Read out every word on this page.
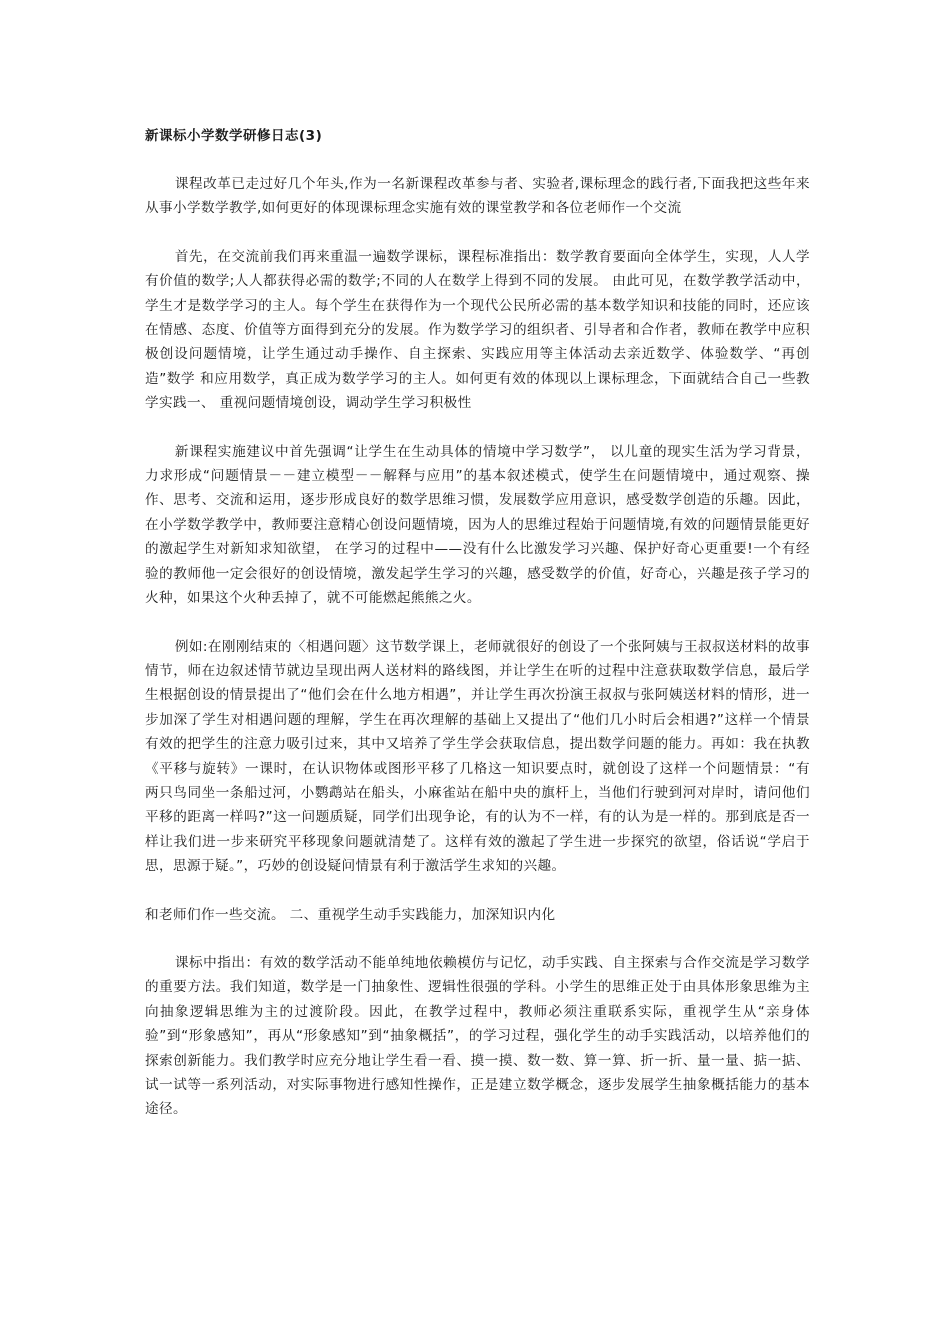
新课标小学数学研修日志(3)

课程改革已走过好几个年头,作为一名新课程改革参与者、实验者,课标理念的践行者,下面我把这些年来从事小学数学教学,如何更好的体现课标理念实施有效的课堂教学和各位老师作一个交流

首先，在交流前我们再来重温一遍数学课标，课程标准指出：数学教育要面向全体学生，实现，人人学有价值的数学;人人都获得必需的数学;不同的人在数学上得到不同的发展。 由此可见，在数学教学活动中，学生才是数学学习的主人。每个学生在获得作为一个现代公民所必需的基本数学知识和技能的同时，还应该在情感、态度、价值等方面得到充分的发展。作为数学学习的组织者、引导者和合作者，教师在教学中应积极创设问题情境，让学生通过动手操作、自主探索、实践应用等主体活动去亲近数学、体验数学、“再创造”数学 和应用数学，真正成为数学学习的主人。如何更有效的体现以上课标理念，下面就结合自己一些教学实践一、 重视问题情境创设，调动学生学习积极性

新课程实施建议中首先强调“让学生在生动具体的情境中学习数学”， 以儿童的现实生活为学习背景，力求形成“问题情景－－建立模型－－解释与应用”的基本叙述模式，使学生在问题情境中，通过观察、操作、思考、交流和运用，逐步形成良好的数学思维习惯，发展数学应用意识，感受数学创造的乐趣。因此，在小学数学教学中，教师要注意精心创设问题情境，因为人的思维过程始于问题情境,有效的问题情景能更好的激起学生对新知求知欲望， 在学习的过程中——没有什么比激发学习兴趣、保护好奇心更重要!一个有经验的教师他一定会很好的创设情境，激发起学生学习的兴趣，感受数学的价值，好奇心，兴趣是孩子学习的火种，如果这个火种丢掉了，就不可能燃起熊熊之火。

例如:在刚刚结束的〈相遇问题〉这节数学课上，老师就很好的创设了一个张阿姨与王叔叔送材料的故事情节，师在边叙述情节就边呈现出两人送材料的路线图，并让学生在听的过程中注意获取数学信息，最后学生根据创设的情景提出了“他们会在什么地方相遇”，并让学生再次扮演王叔叔与张阿姨送材料的情形，进一步加深了学生对相遇问题的理解，学生在再次理解的基础上又提出了“他们几小时后会相遇?”这样一个情景有效的把学生的注意力吸引过来，其中又培养了学生学会获取信息，提出数学问题的能力。再如：我在执教《平移与旋转》一课时，在认识物体或图形平移了几格这一知识要点时，就创设了这样一个问题情景：“有两只鸟同坐一条船过河，小鹦鹉站在船头，小麻雀站在船中央的旗杆上，当他们行驶到河对岸时，请问他们平移的距离一样吗?”这一问题质疑，同学们出现争论，有的认为不一样，有的认为是一样的。那到底是否一样让我们进一步来研究平移现象问题就清楚了。这样有效的激起了学生进一步探究的欲望，俗话说“学启于思，思源于疑。”，巧妙的创设疑问情景有利于激活学生求知的兴趣。

和老师们作一些交流。 二、重视学生动手实践能力，加深知识内化

课标中指出：有效的数学活动不能单纯地依赖模仿与记忆，动手实践、自主探索与合作交流是学习数学的重要方法。我们知道，数学是一门抽象性、逻辑性很强的学科。小学生的思维正处于由具体形象思维为主向抽象逻辑思维为主的过渡阶段。因此，在教学过程中，教师必须注重联系实际，重视学生从“亲身体验”到“形象感知”，再从“形象感知”到“抽象概括”，的学习过程，强化学生的动手实践活动，以培养他们的探索创新能力。我们教学时应充分地让学生看一看、摸一摸、数一数、算一算、折一折、量一量、掂一掂、试一试等一系列活动，对实际事物进行感知性操作，正是建立数学概念，逐步发展学生抽象概括能力的基本途径。
